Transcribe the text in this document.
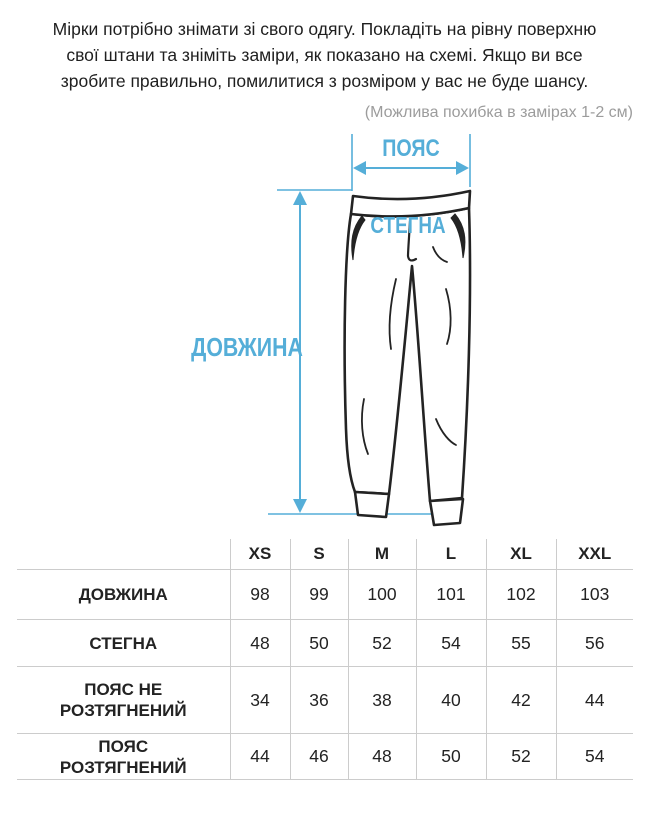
Мірки потрібно знімати зі свого одягу. Покладіть на рівну поверхню свої штани та зніміть заміри, як показано на схемі. Якщо ви все зробите правильно, помилитися з розміром у вас не буде шансу.
(Можлива похибка в замірах 1-2 см)
ПОЯС
СТЕГНА
ДОВЖИНА
	XS	S	M	L	XL	XXL
ДОВЖИНА	98	99	100	101	102	103
СТЕГНА	48	50	52	54	55	56
ПОЯС НЕ РОЗТЯГНЕНИЙ	34	36	38	40	42	44
ПОЯС РОЗТЯГНЕНИЙ	44	46	48	50	52	54
